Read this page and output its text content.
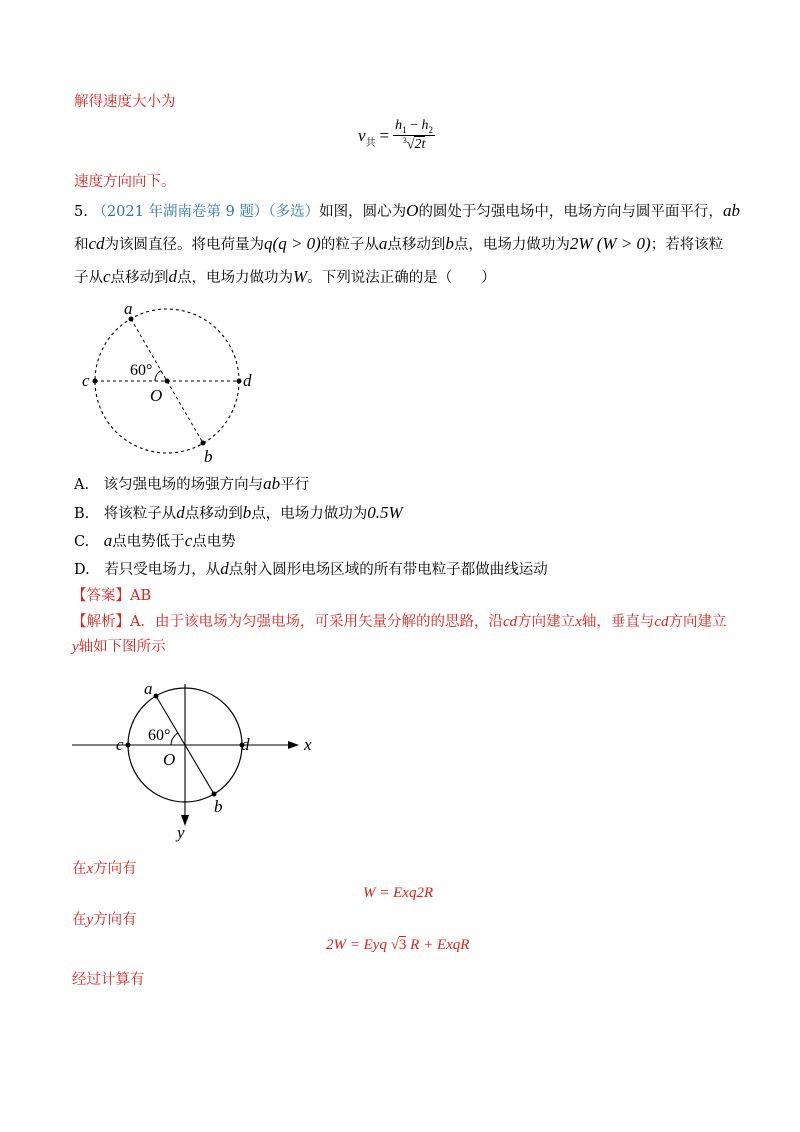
解得速度大小为
v 共 = $\frac{h_1 - h_2}{^3√2t}$
速度方向向下。
5. （2021 年湖南卷第 9 题）（多选）如图，圆心为O的圆处于匀强电场中，电场方向与圆平面平行，ab
和cd为该圆直径。将电荷量为q(q > 0)的粒子从a点移动到b点，电场力做功为2W (W > 0)；若将该粒
子从c点移动到d点，电场力做功为W。下列说法正确的是（　　）
a
b
c	d
O
60°
A.　该匀强电场的场强方向与ab平行
B.　将该粒子从d点移动到b点，电场力做功为0.5W
C.　a点电势低于c点电势
D.　若只受电场力，从d点射入圆形电场区域的所有带电粒子都做曲线运动
【答案】AB
【解析】A．由于该电场为匀强电场，可采用矢量分解的的思路，沿cd方向建立x轴，垂直与cd方向建立
y轴如下图所示
a
b
c	d
O
60°	x
y
在x方向有
W = Exq2R
在y方向有
2W = Eyq √3 R + ExqR
经过计算有
